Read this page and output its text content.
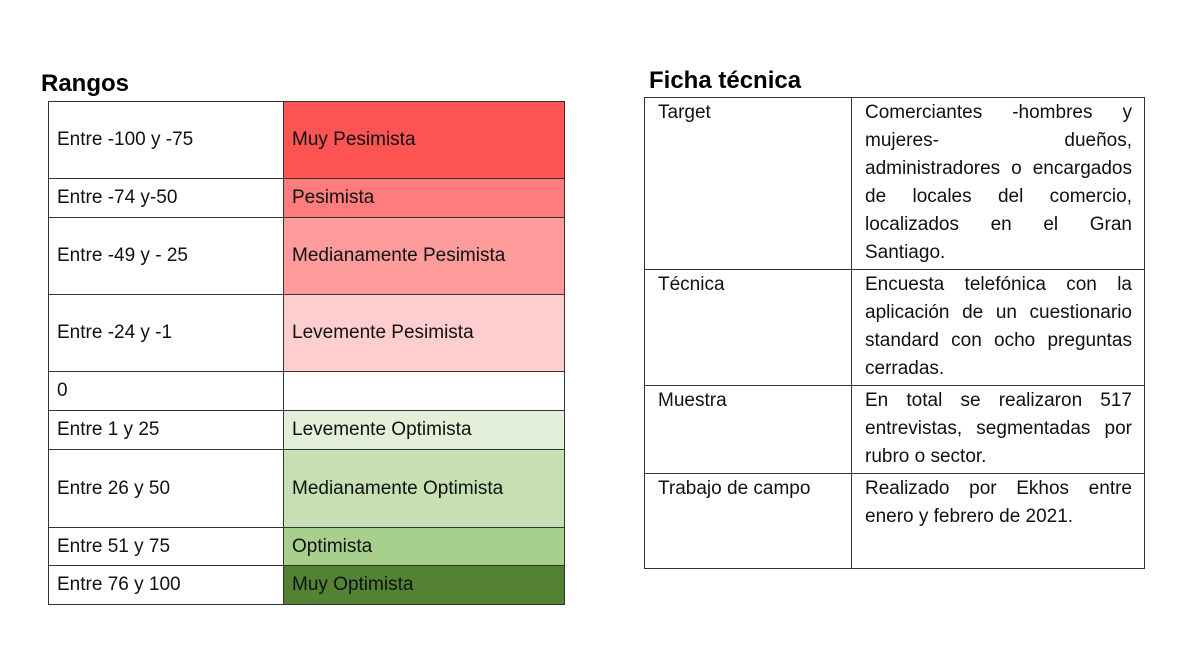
Rangos
Entre -100 y -75	Muy Pesimista
Entre -74 y-50	Pesimista
Entre -49 y - 25	Medianamente Pesimista
Entre -24 y -1	Levemente Pesimista
0	
Entre 1 y 25	Levemente Optimista
Entre 26 y 50	Medianamente Optimista
Entre 51 y 75	Optimista
Entre 76 y 100	Muy Optimista
Ficha técnica
Target	Comerciantes -hombres y mujeres- dueños, administradores o encargados de locales del comercio, localizados en el Gran Santiago.
Técnica	Encuesta telefónica con la aplicación de un cuestionario standard con ocho preguntas cerradas.
Muestra	En total se realizaron 517 entrevistas, segmentadas por rubro o sector.
Trabajo de campo	Realizado por Ekhos entre enero y febrero de 2021.
